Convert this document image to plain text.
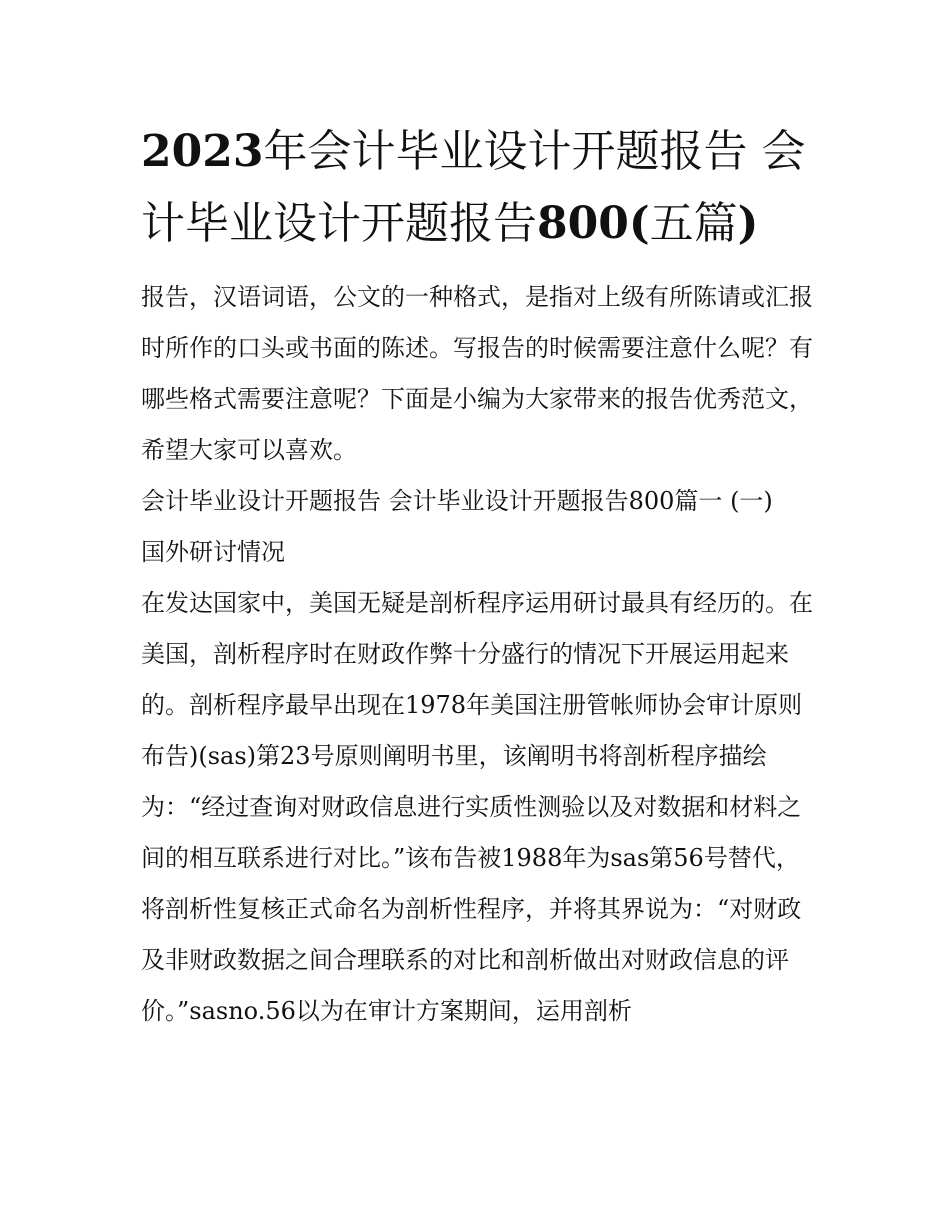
2023年会计毕业设计开题报告 会计毕业设计开题报告800(五篇)

报告，汉语词语，公文的一种格式，是指对上级有所陈请或汇报时所作的口头或书面的陈述。写报告的时候需要注意什么呢？有哪些格式需要注意呢？下面是小编为大家带来的报告优秀范文，希望大家可以喜欢。

会计毕业设计开题报告 会计毕业设计开题报告800篇一 (一)

国外研讨情况

在发达国家中，美国无疑是剖析程序运用研讨最具有经历的。在美国，剖析程序时在财政作弊十分盛行的情况下开展运用起来的。剖析程序最早出现在1978年美国注册管帐师协会审计原则布告)(sas)第23号原则阐明书里，该阐明书将剖析程序描绘为：“经过查询对财政信息进行实质性测验以及对数据和材料之间的相互联系进行对比。”该布告被1988年为sas第56号替代，将剖析性复核正式命名为剖析性程序，并将其界说为：“对财政及非财政数据之间合理联系的对比和剖析做出对财政信息的评价。”sasno.56以为在审计方案期间，运用剖析
